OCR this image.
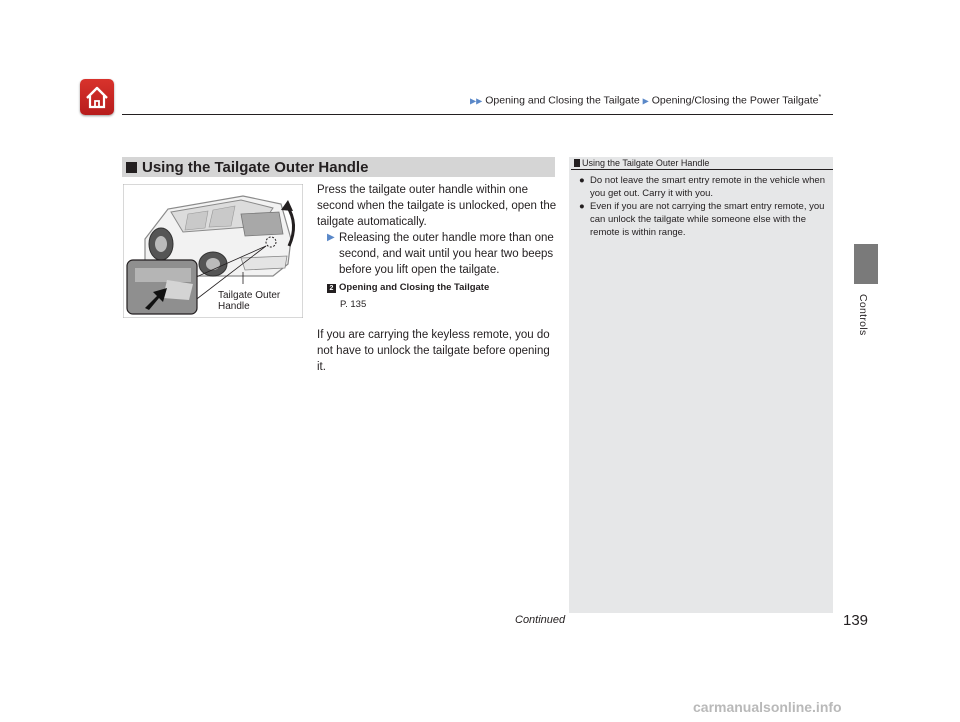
▶▶ Opening and Closing the Tailgate ▶ Opening/Closing the Power Tailgate*
Controls
Using the Tailgate Outer Handle
Tailgate Outer
Handle

Press the tailgate outer handle within one second when the tailgate is unlocked, open the tailgate automatically.

▶ Releasing the outer handle more than one second, and wait until you hear two beeps before you lift open the tailgate.

2 Opening and Closing the Tailgate
P. 135

If you are carrying the keyless remote, you do not have to unlock the tailgate before opening it.

Using the Tailgate Outer Handle
● Do not leave the smart entry remote in the vehicle when you get out. Carry it with you.
● Even if you are not carrying the smart entry remote, you can unlock the tailgate while someone else with the remote is within range.
Continued	139
carmanualsonline.info
